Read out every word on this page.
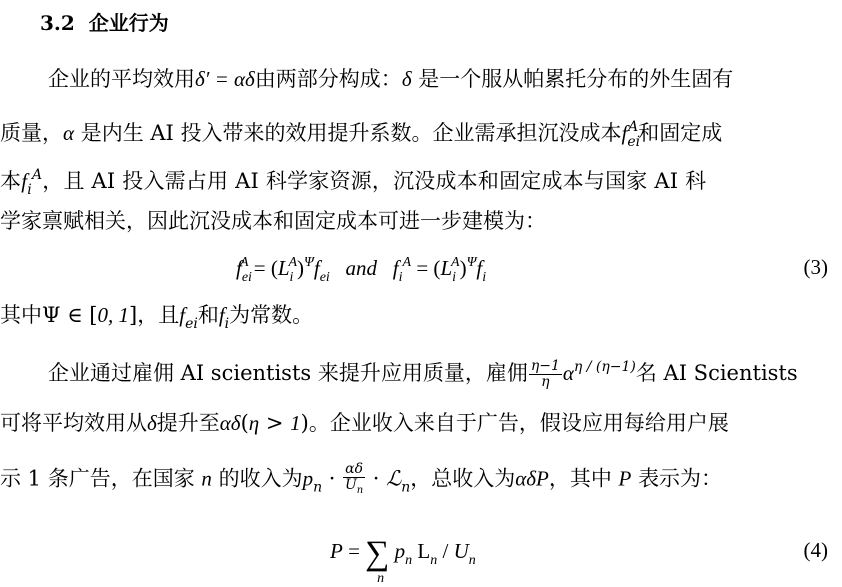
3.2 企业行为
企业的平均效用δ′ = αδ由两部分构成：δ 是一个服从帕累托分布的外生固有
质量，α 是内生 AI 投入带来的效用提升系数。企业需承担沉没成本$f_{ei}^A$和固定成
本$f_i^A$，且 AI 投入需占用 AI 科学家资源，沉没成本和固定成本与国家 AI 科
学家禀赋相关，因此沉没成本和固定成本可进一步建模为：
$f_{ei}^A = (L_i^A)^\Psi f_{ei}$ and $f_i^A = (L_i^A)^\Psi f_i$	(3)
其中Ψ ∈ [0, 1]，且$f_{ei}$和$f_i$为常数。
企业通过雇佣 AI scientists 来提升应用质量，雇佣 $\frac{\eta-1}{\eta} \alpha^{\eta / (\eta-1)}$名 AI Scientists
可将平均效用从δ提升至αδ(η > 1)。企业收入来自于广告，假设应用每给用户展
示 1 条广告，在国家 n 的收入为$p_n \cdot \frac{\alpha\delta}{U_n}$ · ℒ$_n$，总收入为αδP，其中 P 表示为：
P = ∑
n
$p_n$ $L_n / U_n$	(4)
